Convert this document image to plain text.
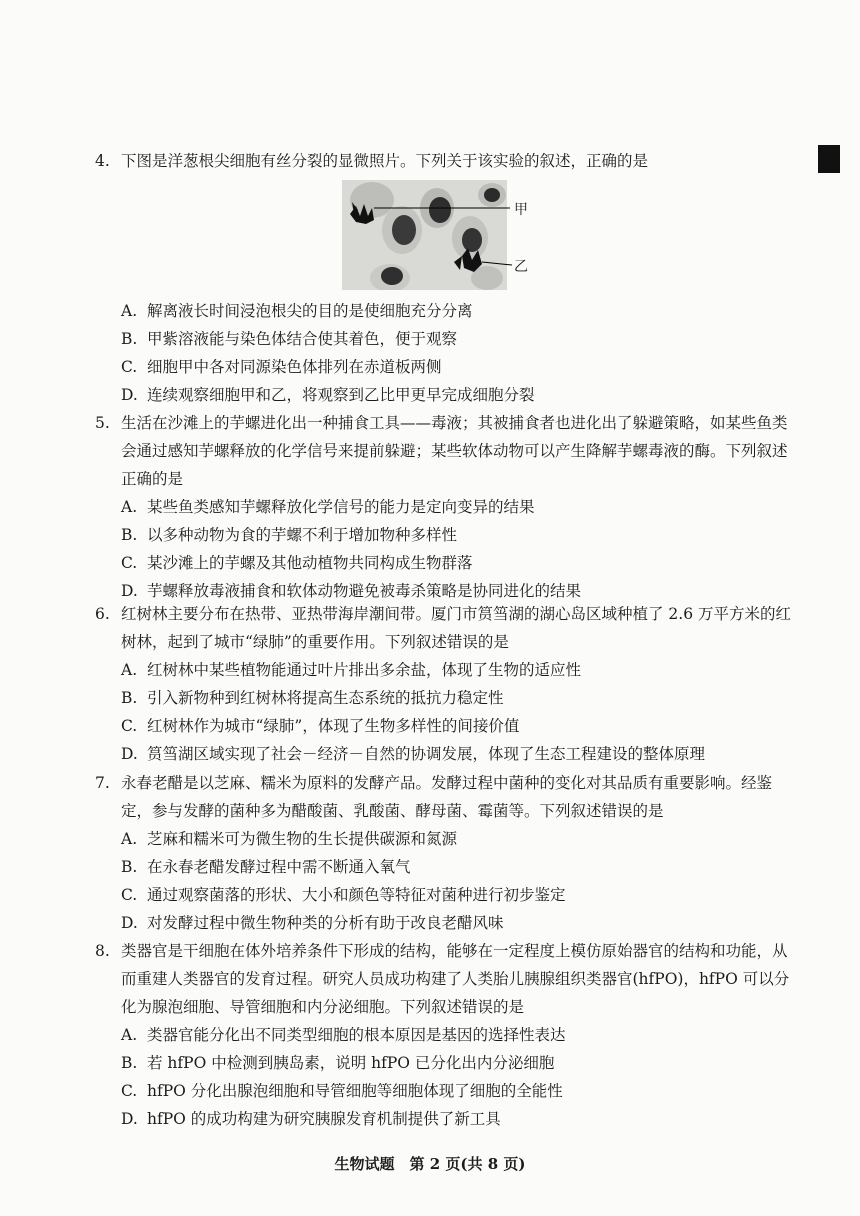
4. 下图是洋葱根尖细胞有丝分裂的显微照片。下列关于该实验的叙述，正确的是
甲
乙
A. 解离液长时间浸泡根尖的目的是使细胞充分分离
B. 甲紫溶液能与染色体结合使其着色，便于观察
C. 细胞甲中各对同源染色体排列在赤道板两侧
D. 连续观察细胞甲和乙，将观察到乙比甲更早完成细胞分裂
5. 生活在沙滩上的芋螺进化出一种捕食工具——毒液；其被捕食者也进化出了躲避策略，如某些鱼类会通过感知芋螺释放的化学信号来提前躲避；某些软体动物可以产生降解芋螺毒液的酶。下列叙述正确的是
A. 某些鱼类感知芋螺释放化学信号的能力是定向变异的结果
B. 以多种动物为食的芋螺不利于增加物种多样性
C. 某沙滩上的芋螺及其他动植物共同构成生物群落
D. 芋螺释放毒液捕食和软体动物避免被毒杀策略是协同进化的结果
6. 红树林主要分布在热带、亚热带海岸潮间带。厦门市筼筜湖的湖心岛区域种植了 2.6 万平方米的红树林，起到了城市“绿肺”的重要作用。下列叙述错误的是
A. 红树林中某些植物能通过叶片排出多余盐，体现了生物的适应性
B. 引入新物种到红树林将提高生态系统的抵抗力稳定性
C. 红树林作为城市“绿肺”，体现了生物多样性的间接价值
D. 筼筜湖区域实现了社会－经济－自然的协调发展，体现了生态工程建设的整体原理
7. 永春老醋是以芝麻、糯米为原料的发酵产品。发酵过程中菌种的变化对其品质有重要影响。经鉴定，参与发酵的菌种多为醋酸菌、乳酸菌、酵母菌、霉菌等。下列叙述错误的是
A. 芝麻和糯米可为微生物的生长提供碳源和氮源
B. 在永春老醋发酵过程中需不断通入氧气
C. 通过观察菌落的形状、大小和颜色等特征对菌种进行初步鉴定
D. 对发酵过程中微生物种类的分析有助于改良老醋风味
8. 类器官是干细胞在体外培养条件下形成的结构，能够在一定程度上模仿原始器官的结构和功能，从而重建人类器官的发育过程。研究人员成功构建了人类胎儿胰腺组织类器官(hfPO)，hfPO 可以分化为腺泡细胞、导管细胞和内分泌细胞。下列叙述错误的是
A. 类器官能分化出不同类型细胞的根本原因是基因的选择性表达
B. 若 hfPO 中检测到胰岛素，说明 hfPO 已分化出内分泌细胞
C. hfPO 分化出腺泡细胞和导管细胞等细胞体现了细胞的全能性
D. hfPO 的成功构建为研究胰腺发育机制提供了新工具
生物试题　第 2 页(共 8 页)
